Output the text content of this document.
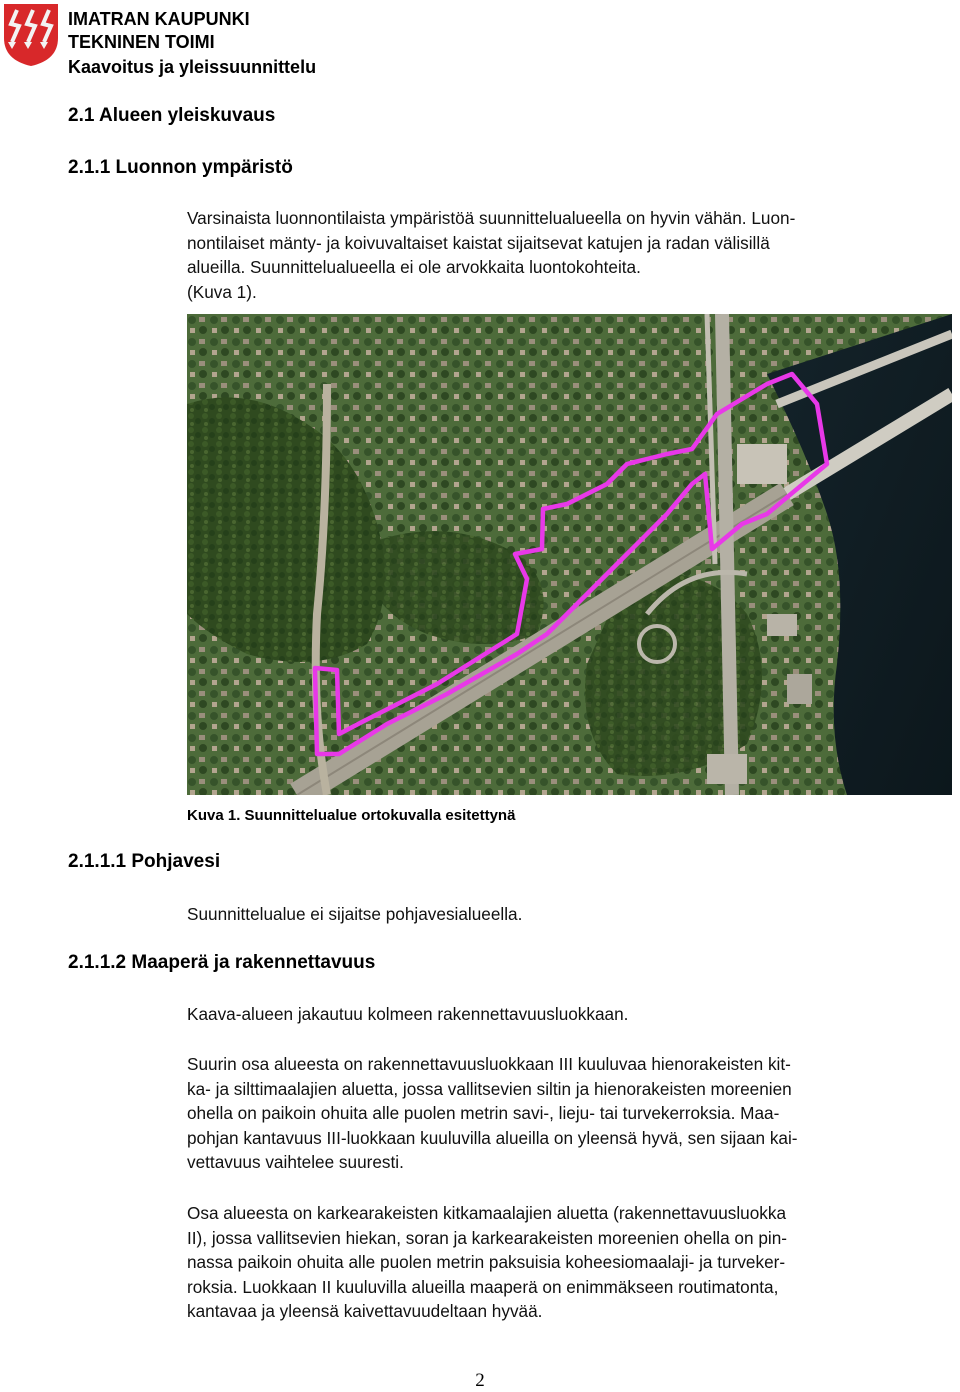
IMATRAN KAUPUNKI
TEKNINEN TOIMI
Kaavoitus ja yleissuunnittelu
2.1 Alueen yleiskuvaus
2.1.1 Luonnon ympäristö
Varsinaista luonnontilaista ympäristöä suunnittelualueella on hyvin vähän. Luon-
nontilaiset mänty- ja koivuvaltaiset kaistat sijaitsevat katujen ja radan välisillä
alueilla. Suunnittelualueella ei ole arvokkaita luontokohteita.
(Kuva 1).
Kuva 1. Suunnittelualue ortokuvalla esitettynä
2.1.1.1 Pohjavesi
Suunnittelualue ei sijaitse pohjavesialueella.
2.1.1.2 Maaperä ja rakennettavuus
Kaava-alueen jakautuu kolmeen rakennettavuusluokkaan.
Suurin osa alueesta on rakennettavuusluokkaan III kuuluvaa hienorakeisten kit-
ka- ja silttimaalajien aluetta, jossa vallitsevien siltin ja hienorakeisten moreenien
ohella on paikoin ohuita alle puolen metrin savi-, lieju- tai turvekerroksia. Maa-
pohjan kantavuus III-luokkaan kuuluvilla alueilla on yleensä hyvä, sen sijaan kai-
vettavuus vaihtelee suuresti.
Osa alueesta on karkearakeisten kitkamaalajien aluetta (rakennettavuusluokka
II), jossa vallitsevien hiekan, soran ja karkearakeisten moreenien ohella on pin-
nassa paikoin ohuita alle puolen metrin paksuisia koheesiomaalaji- ja turveker-
roksia. Luokkaan II kuuluvilla alueilla maaperä on enimmäkseen routimatonta,
kantavaa ja yleensä kaivettavuudeltaan hyvää.
2
